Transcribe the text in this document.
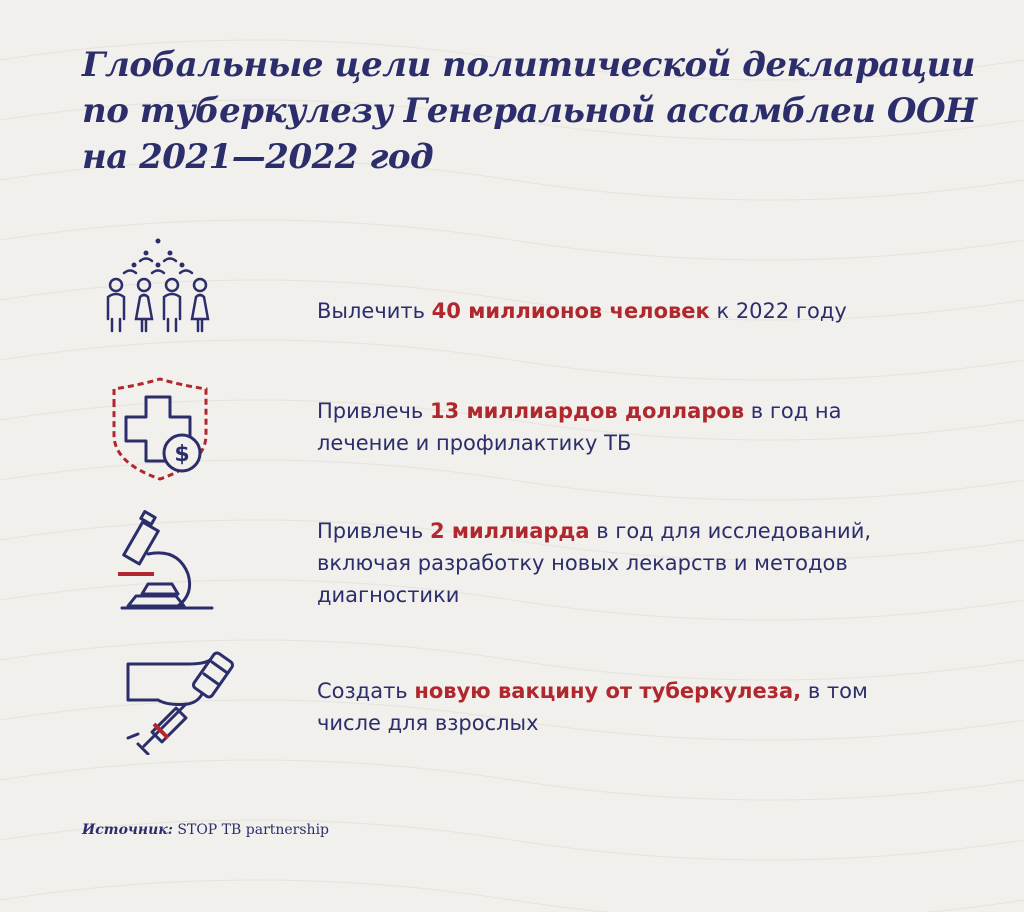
Глобальные цели политической декларации
по туберкулезу Генеральной ассамблеи ООН
на 2021—2022 год
Вылечить 40 миллионов человек к 2022 году
$
Привлечь 13 миллиардов долларов в год на
лечение и профилактику ТБ
Привлечь 2 миллиарда в год для исследований,
включая разработку новых лекарств и методов
диагностики
Создать новую вакцину от туберкулеза, в том
числе для взрослых
Источник: STOP TB partnership
